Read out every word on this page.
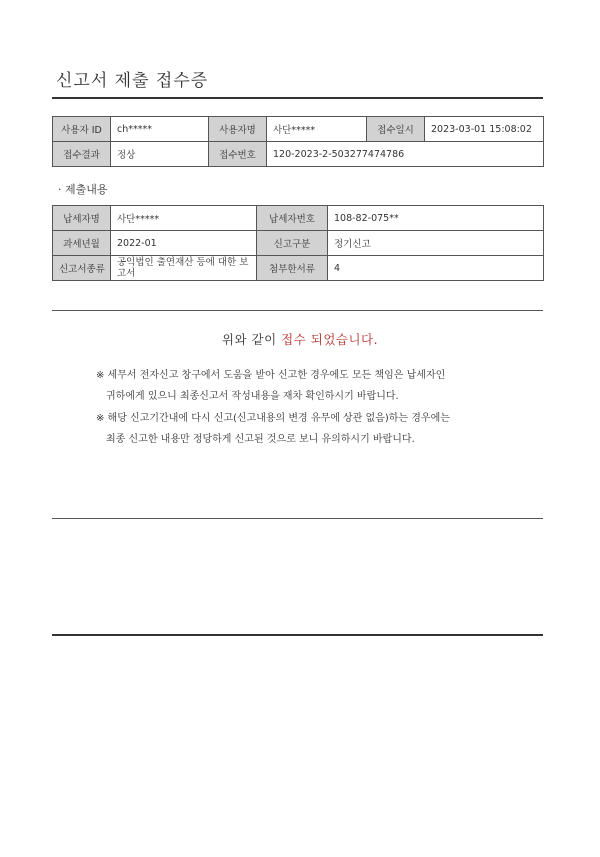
신고서 제출 접수증
사용자 ID	ch*****	사용자명	사단*****	접수일시	2023-03-01 15:08:02
접수결과	정상	접수번호	120-2023-2-503277474786		
· 제출내용
납세자명	사단*****	납세자번호	108-82-075**
과세년월	2022-01	신고구분	정기신고
신고서종류	공익법인 출연재산 등에 대한 보고서	첨부한서류	4
위와 같이 접수 되었습니다.
※ 세무서 전자신고 창구에서 도움을 받아 신고한 경우에도 모든 책임은 납세자인
귀하에게 있으니 최종신고서 작성내용을 재차 확인하시기 바랍니다.
※ 해당 신고기간내에 다시 신고(신고내용의 변경 유무에 상관 없음)하는 경우에는
최종 신고한 내용만 정당하게 신고된 것으로 보니 유의하시기 바랍니다.
